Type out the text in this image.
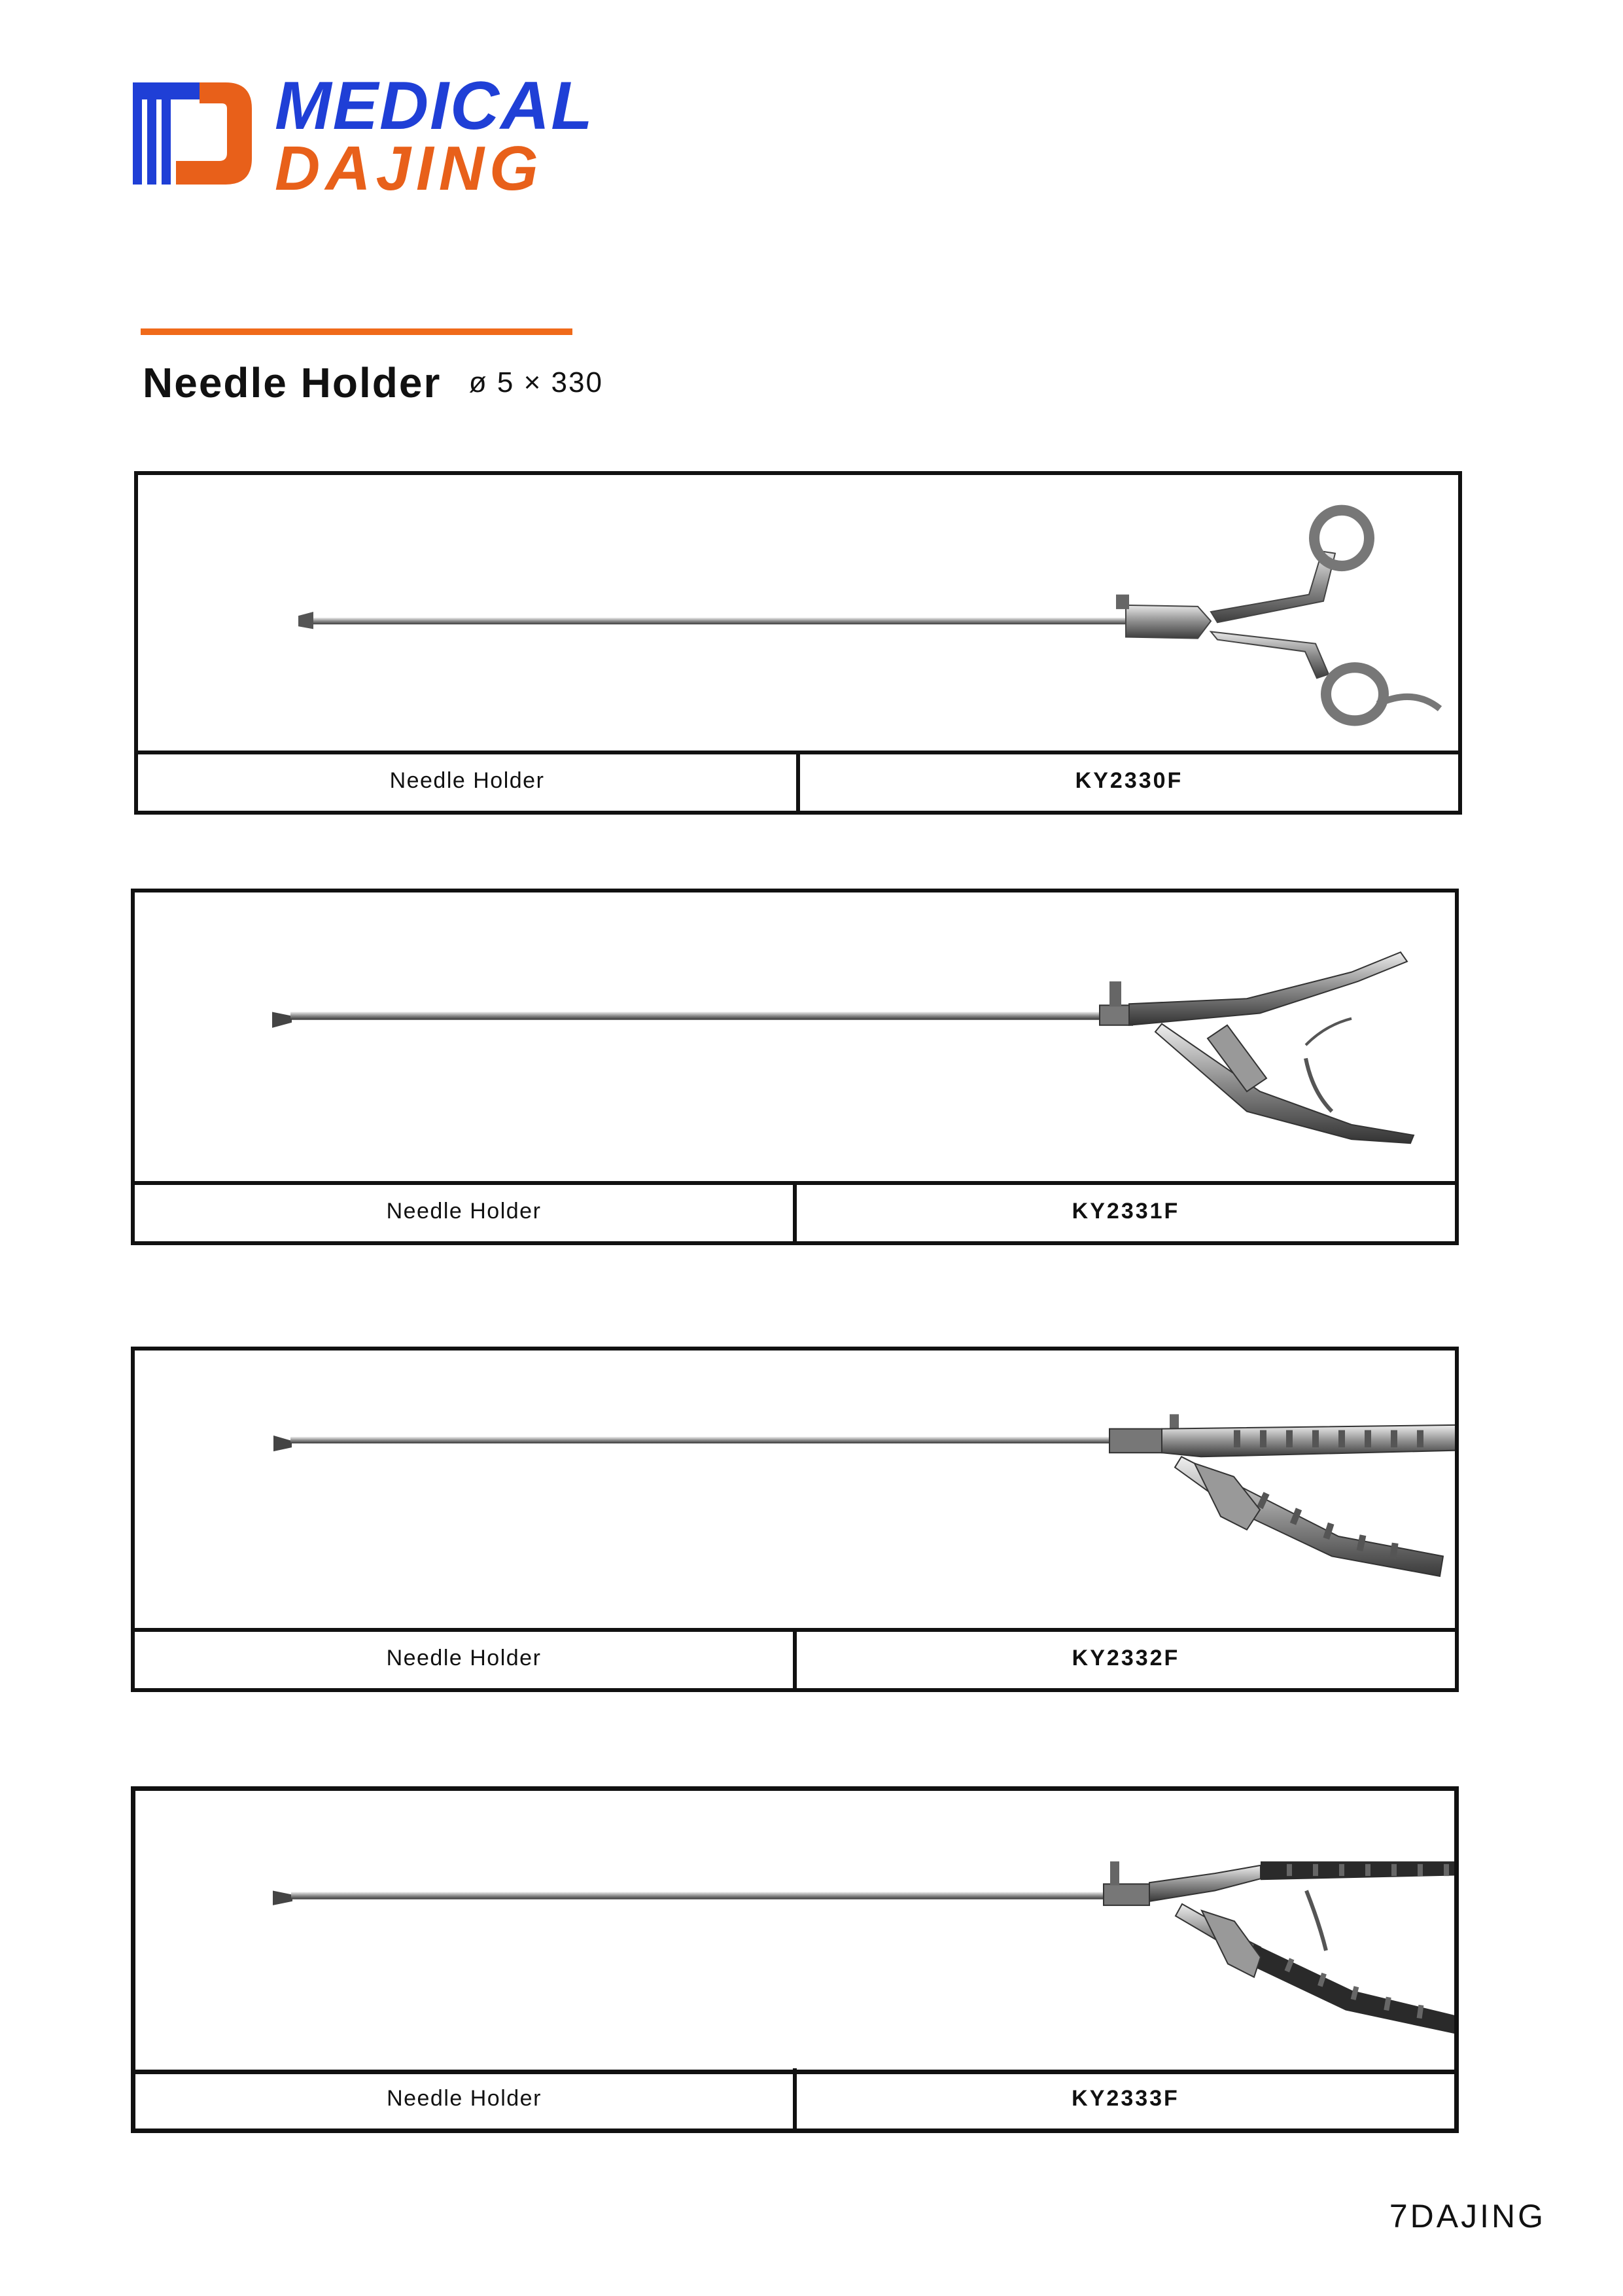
MEDICAL
DAJING
Needle Holder ø 5 × 330
Needle Holder	KY2330F
Needle Holder	KY2331F
Needle Holder	KY2332F
Needle Holder	KY2333F
7DAJING
